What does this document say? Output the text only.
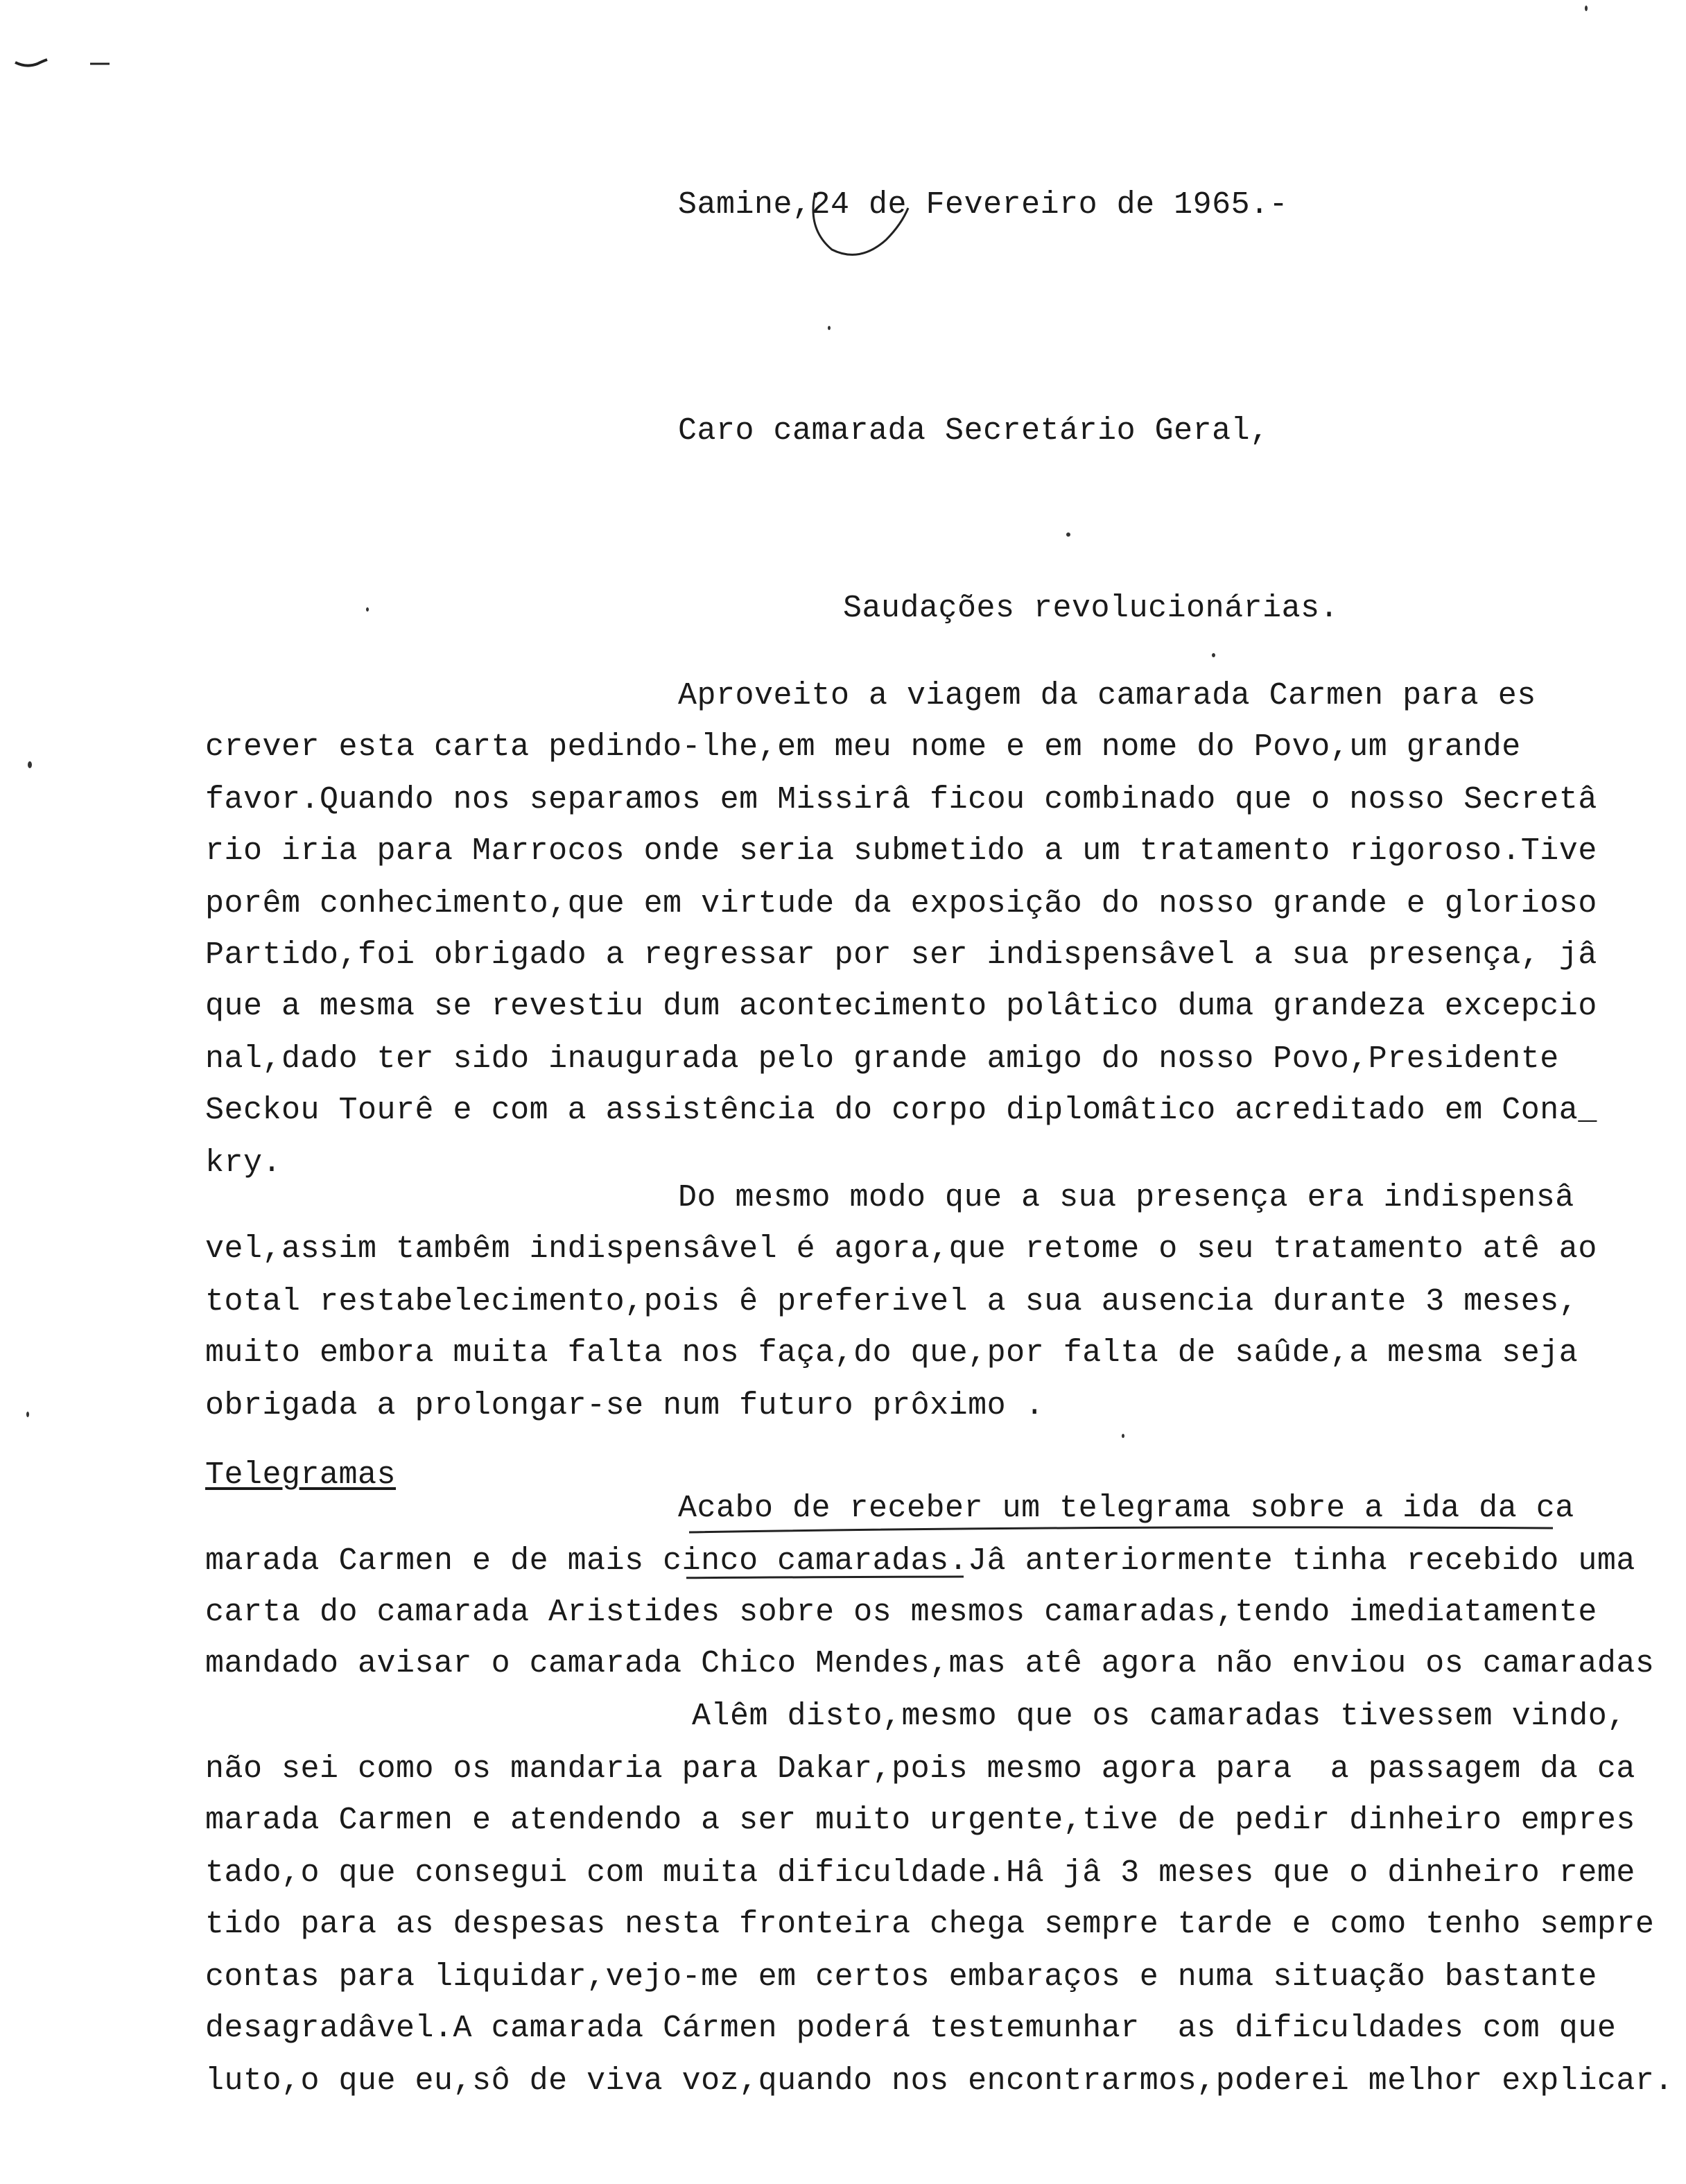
Samine,24 de Fevereiro de 1965.-
Caro camarada Secretário Geral,
Saudações revolucionárias.
Aproveito a viagem da camarada Carmen para es
crever esta carta pedindo-lhe,em meu nome e em nome do Povo,um grande
favor.Quando nos separamos em Missirâ ficou combinado que o nosso Secretâ
rio iria para Marrocos onde seria submetido a um tratamento rigoroso.Tive
porêm conhecimento,que em virtude da exposição do nosso grande e glorioso
Partido,foi obrigado a regressar por ser indispensâvel a sua presença, jâ
que a mesma se revestiu dum acontecimento polâtico duma grandeza excepcio
nal,dado ter sido inaugurada pelo grande amigo do nosso Povo,Presidente
Seckou Tourê e com a assistência do corpo diplomâtico acreditado em Cona_
kry.
Do mesmo modo que a sua presença era indispensâ
vel,assim tambêm indispensâvel é agora,que retome o seu tratamento atê ao
total restabelecimento,pois ê preferivel a sua ausencia durante 3 meses,
muito embora muita falta nos faça,do que,por falta de saûde,a mesma seja
obrigada a prolongar-se num futuro prôximo .
Telegramas
Acabo de receber um telegrama sobre a ida da ca
marada Carmen e de mais cinco camaradas.Jâ anteriormente tinha recebido uma
carta do camarada Aristides sobre os mesmos camaradas,tendo imediatamente
mandado avisar o camarada Chico Mendes,mas atê agora não enviou os camaradas
Alêm disto,mesmo que os camaradas tivessem vindo,
não sei como os mandaria para Dakar,pois mesmo agora para  a passagem da ca
marada Carmen e atendendo a ser muito urgente,tive de pedir dinheiro empres
tado,o que consegui com muita dificuldade.Hâ jâ 3 meses que o dinheiro reme
tido para as despesas nesta fronteira chega sempre tarde e como tenho sempre
contas para liquidar,vejo-me em certos embaraços e numa situação bastante
desagradâvel.A camarada Cármen poderá testemunhar  as dificuldades com que
luto,o que eu,sô de viva voz,quando nos encontrarmos,poderei melhor explicar.
